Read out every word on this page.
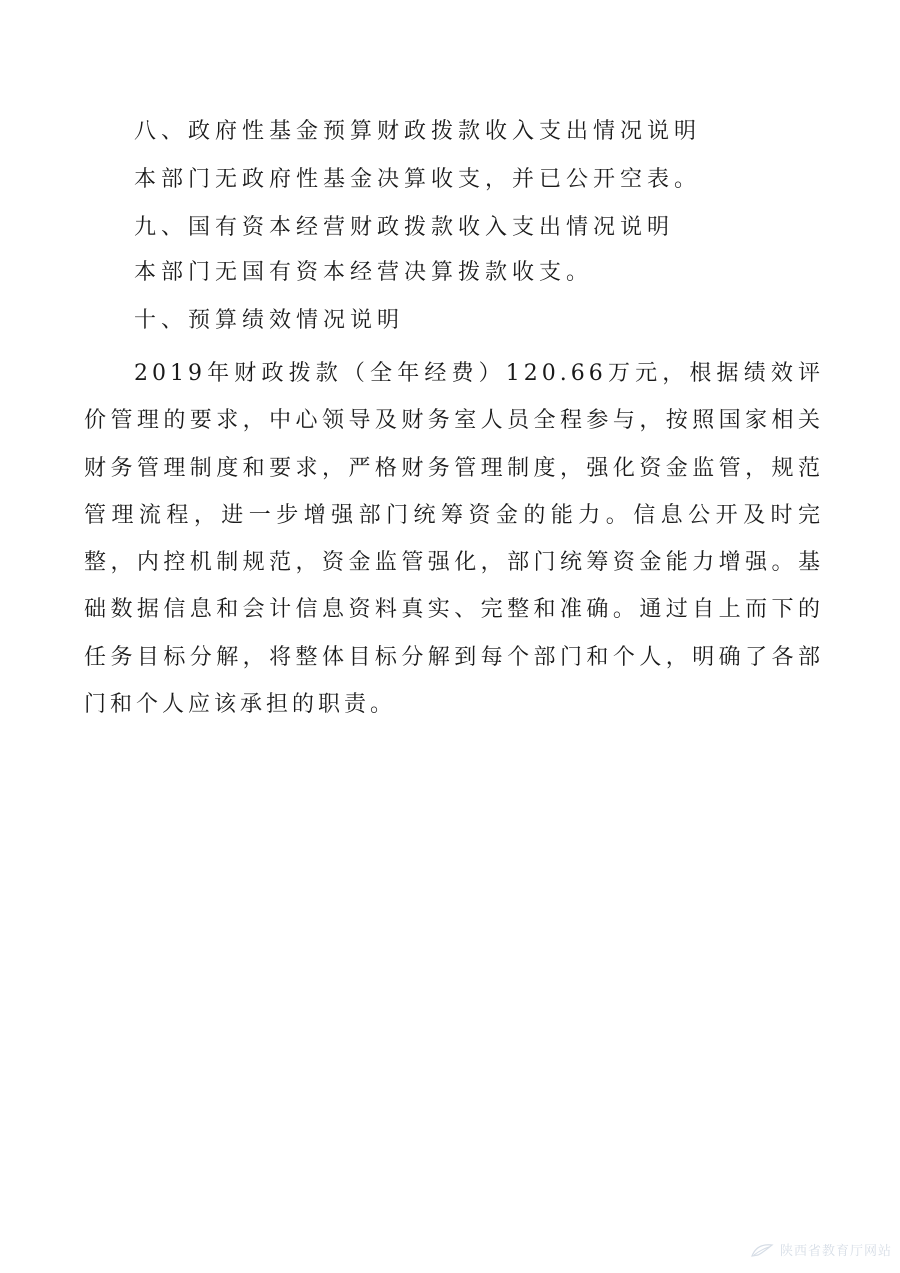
八、政府性基金预算财政拨款收入支出情况说明
本部门无政府性基金决算收支，并已公开空表。
九、国有资本经营财政拨款收入支出情况说明
本部门无国有资本经营决算拨款收支。
十、预算绩效情况说明
2019年财政拨款（全年经费）120.66万元，根据绩效评价管理的要求，中心领导及财务室人员全程参与，按照国家相关财务管理制度和要求，严格财务管理制度，强化资金监管，规范管理流程，进一步增强部门统筹资金的能力。信息公开及时完整，内控机制规范，资金监管强化，部门统筹资金能力增强。基础数据信息和会计信息资料真实、完整和准确。通过自上而下的任务目标分解，将整体目标分解到每个部门和个人，明确了各部门和个人应该承担的职责。
陕西省教育厅网站
